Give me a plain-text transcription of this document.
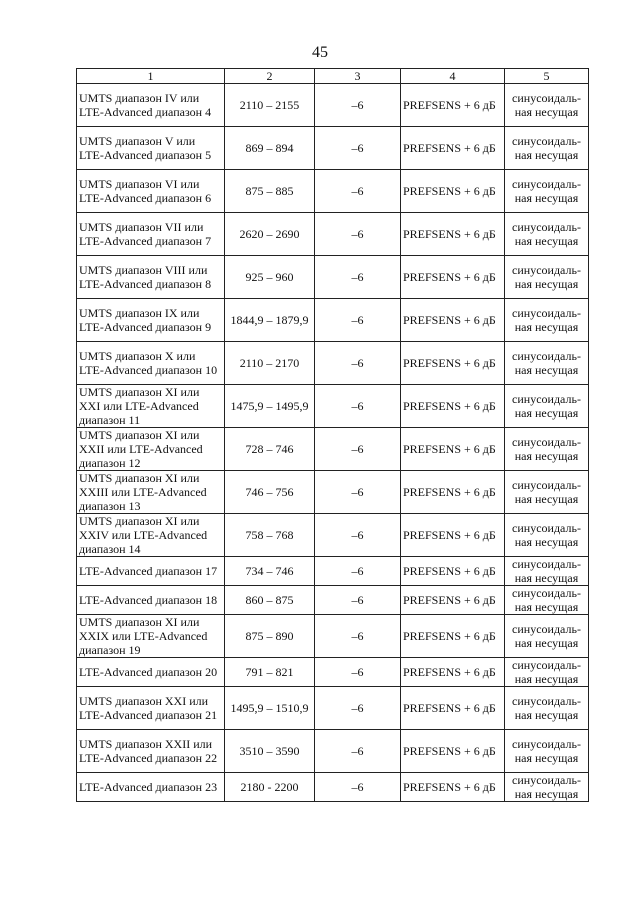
45
1	2	3	4	5
UMTS диапазон IV или LTE-Advanced диапазон 4	2110 – 2155	–6	PREFSENS + 6 дБ	синусоидаль-ная несущая
UMTS диапазон V или LTE-Advanced диапазон 5	869 – 894	–6	PREFSENS + 6 дБ	синусоидаль-ная несущая
UMTS диапазон VI или LTE-Advanced диапазон 6	875 – 885	–6	PREFSENS + 6 дБ	синусоидаль-ная несущая
UMTS диапазон VII или LTE-Advanced диапазон 7	2620 – 2690	–6	PREFSENS + 6 дБ	синусоидаль-ная несущая
UMTS диапазон VIII или LTE-Advanced диапазон 8	925 – 960	–6	PREFSENS + 6 дБ	синусоидаль-ная несущая
UMTS диапазон IX или LTE-Advanced диапазон 9	1844,9 – 1879,9	–6	PREFSENS + 6 дБ	синусоидаль-ная несущая
UMTS диапазон X или LTE-Advanced диапазон 10	2110 – 2170	–6	PREFSENS + 6 дБ	синусоидаль-ная несущая
UMTS диапазон XI или XXI или LTE-Advanced диапазон 11	1475,9 – 1495,9	–6	PREFSENS + 6 дБ	синусоидаль-ная несущая
UMTS диапазон XI или XXII или LTE-Advanced диапазон 12	728 – 746	–6	PREFSENS + 6 дБ	синусоидаль-ная несущая
UMTS диапазон XI или XXIII или LTE-Advanced диапазон 13	746 – 756	–6	PREFSENS + 6 дБ	синусоидаль-ная несущая
UMTS диапазон XI или XXIV или LTE-Advanced диапазон 14	758 – 768	–6	PREFSENS + 6 дБ	синусоидаль-ная несущая
LTE-Advanced диапазон 17	734 – 746	–6	PREFSENS + 6 дБ	синусоидаль-ная несущая
LTE-Advanced диапазон 18	860 – 875	–6	PREFSENS + 6 дБ	синусоидаль-ная несущая
UMTS диапазон XI или XXIX или LTE-Advanced диапазон 19	875 – 890	–6	PREFSENS + 6 дБ	синусоидаль-ная несущая
LTE-Advanced диапазон 20	791 – 821	–6	PREFSENS + 6 дБ	синусоидаль-ная несущая
UMTS диапазон XXI или LTE-Advanced диапазон 21	1495,9 – 1510,9	–6	PREFSENS + 6 дБ	синусоидаль-ная несущая
UMTS диапазон XXII или LTE-Advanced диапазон 22	3510 – 3590	–6	PREFSENS + 6 дБ	синусоидаль-ная несущая
LTE-Advanced диапазон 23	2180 - 2200	–6	PREFSENS + 6 дБ	синусоидаль-ная несущая
